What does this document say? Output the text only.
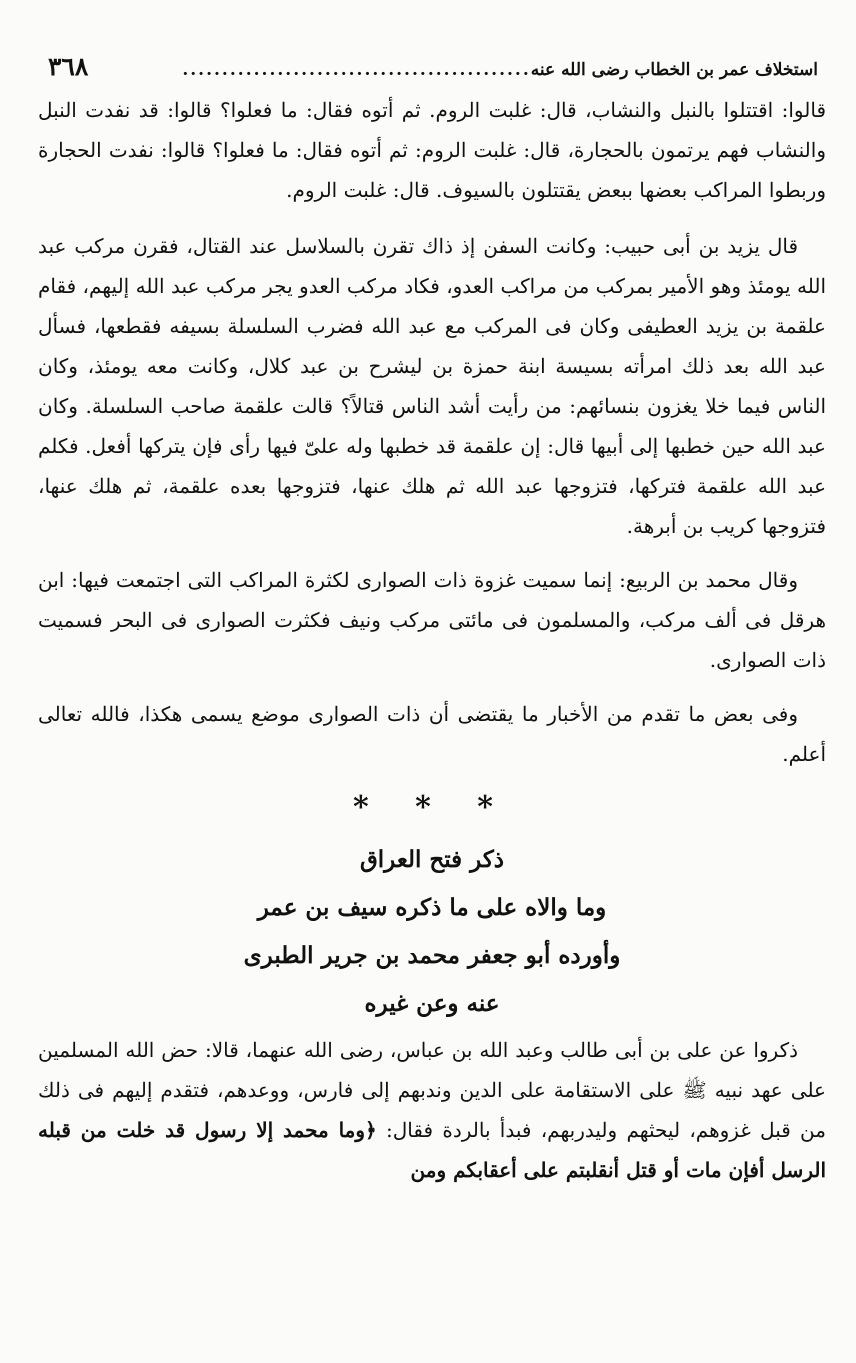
استخلاف عمر بن الخطاب رضى الله عنه
............................................
٣٦٨

قالوا: اقتتلوا بالنبل والنشاب، قال: غلبت الروم. ثم أتوه فقال: ما فعلوا؟ قالوا: قد نفدت النبل والنشاب فهم يرتمون بالحجارة، قال: غلبت الروم: ثم أتوه فقال: ما فعلوا؟ قالوا: نفدت الحجارة وربطوا المراكب بعضها ببعض يقتتلون بالسيوف. قال: غلبت الروم.

قال يزيد بن أبى حبيب: وكانت السفن إذ ذاك تقرن بالسلاسل عند القتال، فقرن مركب عبد الله يومئذ وهو الأمير بمركب من مراكب العدو، فكاد مركب العدو يجر مركب عبد الله إليهم، فقام علقمة بن يزيد العطيفى وكان فى المركب مع عبد الله فضرب السلسلة بسيفه فقطعها، فسأل عبد الله بعد ذلك امرأته بسيسة ابنة حمزة بن ليشرح بن عبد كلال، وكانت معه يومئذ، وكان الناس فيما خلا يغزون بنسائهم: من رأيت أشد الناس قتالاً؟ قالت علقمة صاحب السلسلة. وكان عبد الله حين خطبها إلى أبيها قال: إن علقمة قد خطبها وله علىّ فيها رأى فإن يتركها أفعل. فكلم عبد الله علقمة فتركها، فتزوجها عبد الله ثم هلك عنها، فتزوجها بعده علقمة، ثم هلك عنها، فتزوجها كريب بن أبرهة.

وقال محمد بن الربيع: إنما سميت غزوة ذات الصوارى لكثرة المراكب التى اجتمعت فيها: ابن هرقل فى ألف مركب، والمسلمون فى مائتى مركب ونيف فكثرت الصوارى فى البحر فسميت ذات الصوارى.

وفى بعض ما تقدم من الأخبار ما يقتضى أن ذات الصوارى موضع يسمى هكذا، فالله تعالى أعلم.

* * *
ذكر فتح العراق
وما والاه على ما ذكره سيف بن عمر
وأورده أبو جعفر محمد بن جرير الطبرى
عنه وعن غيره

ذكروا عن على بن أبى طالب وعبد الله بن عباس، رضى الله عنهما، قالا: حض الله المسلمين على عهد نبيه ﷺ على الاستقامة على الدين وندبهم إلى فارس، ووعدهم، فتقدم إليهم فى ذلك من قبل غزوهم، ليحثهم وليدربهم، فبدأ بالردة فقال: ﴿وما محمد إلا رسول قد خلت من قبله الرسل أفإن مات أو قتل أنقلبتم على أعقابكم ومن
